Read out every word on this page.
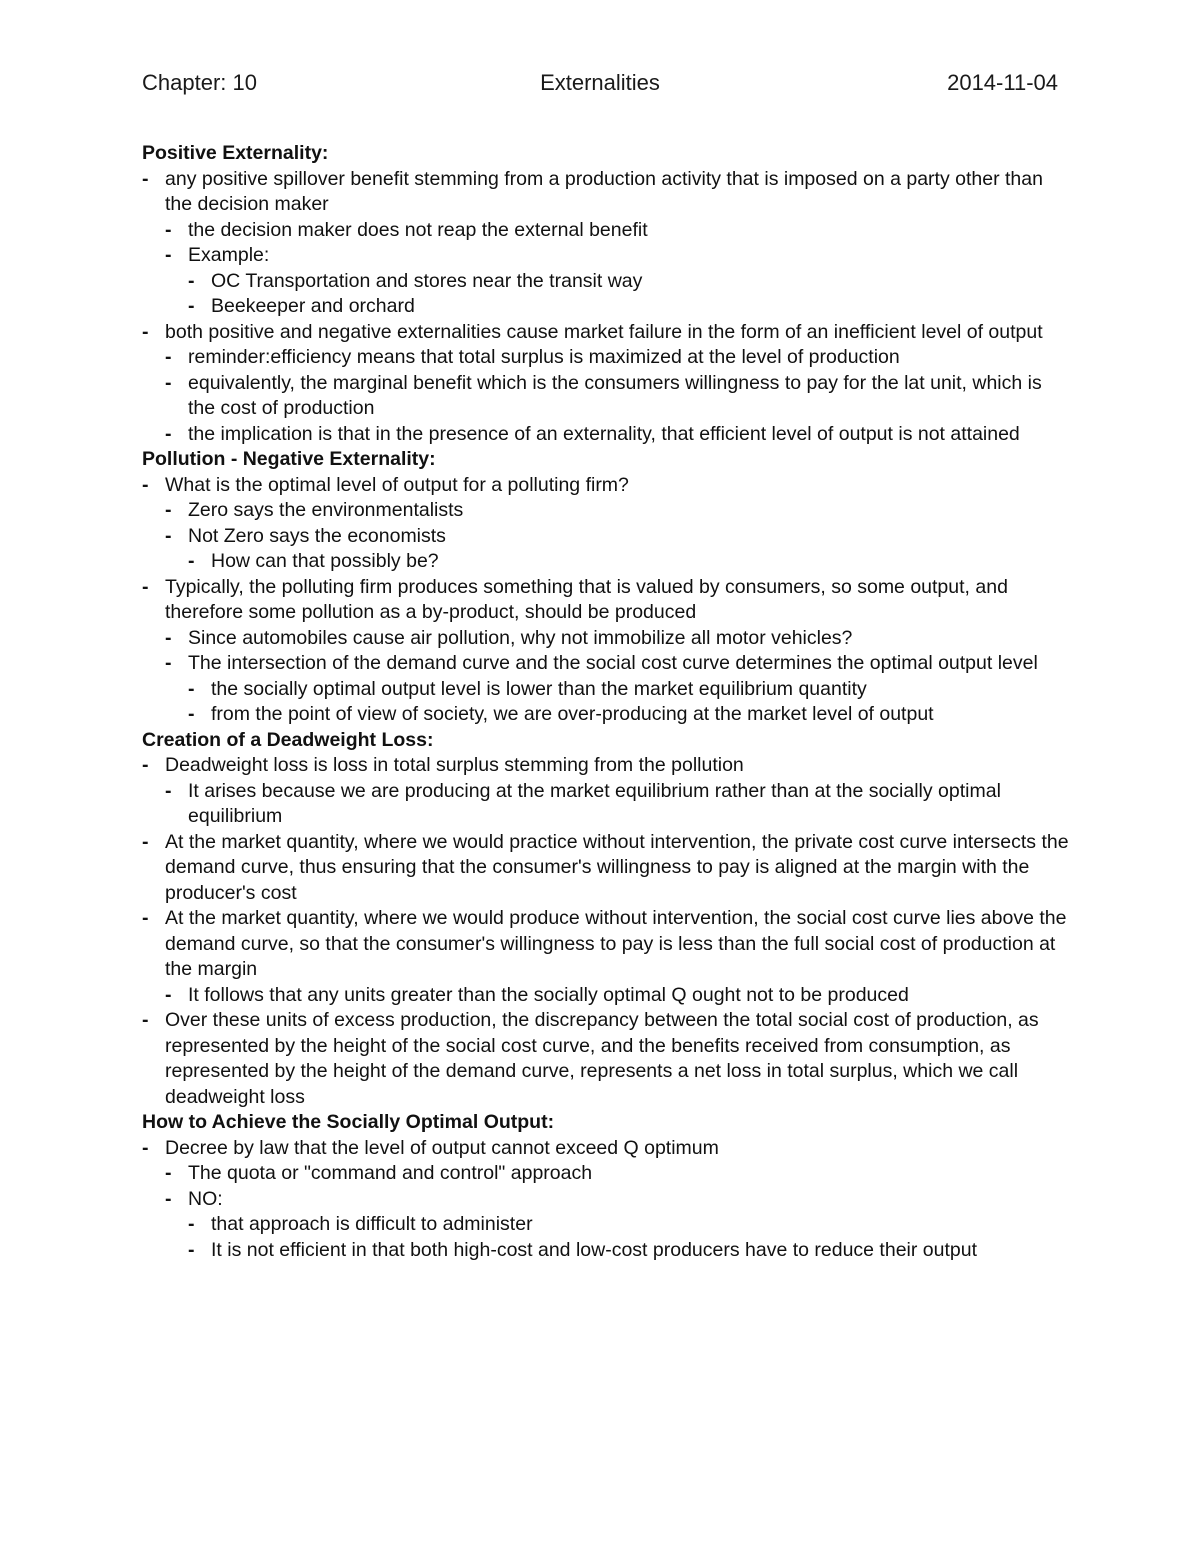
Chapter: 10	Externalities	2014-11-04
Positive Externality:
- any positive spillover benefit stemming from a production activity that is imposed on a party other than the decision maker
- the decision maker does not reap the external benefit
- Example:
- OC Transportation and stores near the transit way
- Beekeeper and orchard
- both positive and negative externalities cause market failure in the form of an inefficient level of output
- reminder:efficiency means that total surplus is maximized at the level of production
- equivalently, the marginal benefit which is the consumers willingness to pay for the lat unit, which is the cost of production
- the implication is that in the presence of an externality, that efficient level of output is not attained
Pollution - Negative Externality:
- What is the optimal level of output for a polluting firm?
- Zero says the environmentalists
- Not Zero says the economists
- How can that possibly be?
- Typically, the polluting firm produces something that is valued by consumers, so some output, and therefore some pollution as a by-product, should be produced
- Since automobiles cause air pollution, why not immobilize all motor vehicles?
- The intersection of the demand curve and the social cost curve determines the optimal output level
- the socially optimal output level is lower than the market equilibrium quantity
- from the point of view of society, we are over-producing at the market level of output
Creation of a Deadweight Loss:
- Deadweight loss is loss in total surplus stemming from the pollution
- It arises because we are producing at the market equilibrium rather than at the socially optimal equilibrium
- At the market quantity, where we would practice without intervention, the private cost curve intersects the demand curve, thus ensuring that the consumer's willingness to pay is aligned at the margin with the producer's cost
- At the market quantity, where we would produce without intervention, the social cost curve lies above the demand curve, so that the consumer's willingness to pay is less than the full social cost of production at the margin
- It follows that any units greater than the socially optimal Q ought not to be produced
- Over these units of excess production, the discrepancy between the total social cost of production, as represented by the height of the social cost curve, and the benefits received from consumption, as represented by the height of the demand curve, represents a net loss in total surplus, which we call deadweight loss
How to Achieve the Socially Optimal Output:
- Decree by law that the level of output cannot exceed Q optimum
- The quota or "command and control" approach
- NO:
- that approach is difficult to administer
- It is not efficient in that both high-cost and low-cost producers have to reduce their output
